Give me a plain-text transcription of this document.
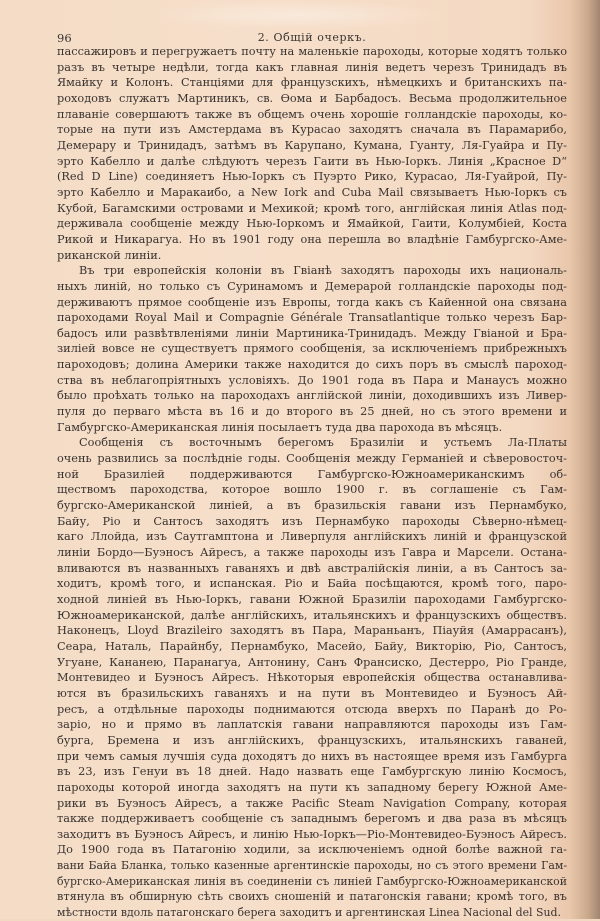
96	2. Общій очеркъ.
пассажировъ и перегружаетъ почту на маленькіе пароходы, которые ходятъ только
разъ въ четыре недѣли, тогда какъ главная линія ведетъ черезъ Тринидадъ въ
Ямайку и Колонъ. Станціями для французскихъ, нѣмецкихъ и британскихъ па-
роходовъ служатъ Мартиникъ, св. Ѳома и Барбадосъ. Весьма продолжительное
плаваніе совершаютъ также въ общемъ очень хорошіе голландскіе пароходы, ко-
торые на пути изъ Амстердама въ Курасао заходятъ сначала въ Парамарибо,
Демерару и Тринидадъ, затѣмъ въ Карупано, Кумана, Гуанту, Ля-Гуайра и Пу-
эрто Кабелло и далѣе слѣдуютъ черезъ Гаити въ Нью-Іоркъ. Линія „Красное D“
(Red D Line) соединяетъ Нью-Іоркъ съ Пуэрто Рико, Курасао, Ля-Гуайрой, Пу-
эрто Кабелло и Маракаибо, а New Iork and Cuba Mail связываетъ Нью-Іоркъ съ
Кубой, Багамскими островами и Мехикой; кромѣ того, англійская линія Atlas под-
держивала сообщеніе между Нью-Іоркомъ и Ямайкой, Гаити, Колумбіей, Коста
Рикой и Никарагуа. Но въ 1901 году она перешла во владѣніе Гамбургско-Аме-
риканской линіи.
Въ три европейскія колоніи въ Гвіанѣ заходятъ пароходы ихъ националь-
ныхъ линій, но только съ Суринамомъ и Демерарой голландскіе пароходы под-
держиваютъ прямое сообщеніе изъ Европы, тогда какъ съ Кайенной она связана
пароходами Royal Mail и Compagnie Générale Transatlantique только черезъ Бар-
бадосъ или развѣтвленіями линіи Мартиника-Тринидадъ. Между Гвіаной и Бра-
зиліей вовсе не существуетъ прямого сообщенія, за исключеніемъ прибрежныхъ
пароходовъ; долина Америки также находится до сихъ поръ въ смыслѣ пароход-
ства въ неблагопріятныхъ условіяхъ. До 1901 года въ Пара и Манаусъ можно
было проѣхать только на пароходахъ англійской линіи, доходившихъ изъ Ливер-
пуля до перваго мѣста въ 16 и до второго въ 25 дней, но съ этого времени и
Гамбургско-Американская линія посылаетъ туда два парохода въ мѣсяцъ.
Сообщенія съ восточнымъ берегомъ Бразиліи и устьемъ Ла-Платы
очень развились за послѣдніе годы. Сообщенія между Германіей и сѣверовосточ-
ной Бразиліей поддерживаются Гамбургско-Южноамериканскимъ об-
ществомъ пароходства, которое вошло 1900 г. въ соглашеніе съ Гам-
бургско-Американской линіей, а въ бразильскія гавани изъ Пернамбуко,
Байу, Ріо и Сантосъ заходятъ изъ Пернамбуко пароходы Сѣверно-нѣмец-
каго Ллойда, изъ Саутгамптона и Ливерпуля англійскихъ линій и французской
линіи Бордо—Буэносъ Айресъ, а также пароходы изъ Гавра и Марсели. Остана-
вливаются въ названныхъ гаваняхъ и двѣ австралійскія линіи, а въ Сантосъ за-
ходитъ, кромѣ того, и испанская. Ріо и Байа посѣщаются, кромѣ того, паро-
ходной линіей въ Нью-Іоркъ, гавани Южной Бразиліи пароходами Гамбургско-
Южноамериканской, далѣе англійскихъ, итальянскихъ и французскихъ обществъ.
Наконецъ, Lloyd Brazileiro заходятъ въ Пара, Мараньанъ, Піауйя (Амаррасанъ),
Сеара, Наталь, Парайнбу, Пернамбуко, Масейо, Байу, Викторію, Ріо, Сантосъ,
Угуане, Кананею, Паранагуа, Антонину, Санъ Франсиско, Дестерро, Ріо Гранде,
Монтевидео и Буэносъ Айресъ. Нѣкоторыя европейскія общества останавлива-
ются въ бразильскихъ гаваняхъ и на пути въ Монтевидео и Буэносъ Ай-
ресъ, а отдѣльные пароходы поднимаются отсюда вверхъ по Паранѣ до Ро-
заріо, но и прямо въ лаплатскія гавани направляются пароходы изъ Гам-
бурга, Бремена и изъ англійскихъ, французскихъ, итальянскихъ гаваней,
при чемъ самыя лучшія суда доходятъ до нихъ въ настоящее время изъ Гамбурга
въ 23, изъ Генуи въ 18 дней. Надо назвать еще Гамбургскую линію Космосъ,
пароходы которой иногда заходятъ на пути къ западному берегу Южной Аме-
рики въ Буэносъ Айресъ, а также Pacific Steam Navigation Company, которая
также поддерживаетъ сообщеніе съ западнымъ берегомъ и два раза въ мѣсяцъ
заходитъ въ Буэносъ Айресъ, и линію Нью-Іоркъ—Ріо-Монтевидео-Буэносъ Айресъ.
До 1900 года въ Патагонію ходили, за исключеніемъ одной болѣе важной га-
вани Байа Бланка, только казенные аргентинскіе пароходы, но съ этого времени Гам-
бургско-Американская линія въ соединеніи съ линіей Гамбургско-Южноамериканской
втянула въ обширную сѣть своихъ сношеній и патагонскія гавани; кромѣ того, въ
мѣстности вдоль патагонскаго берега заходитъ и аргентинская Linea Nacional del Sud.
